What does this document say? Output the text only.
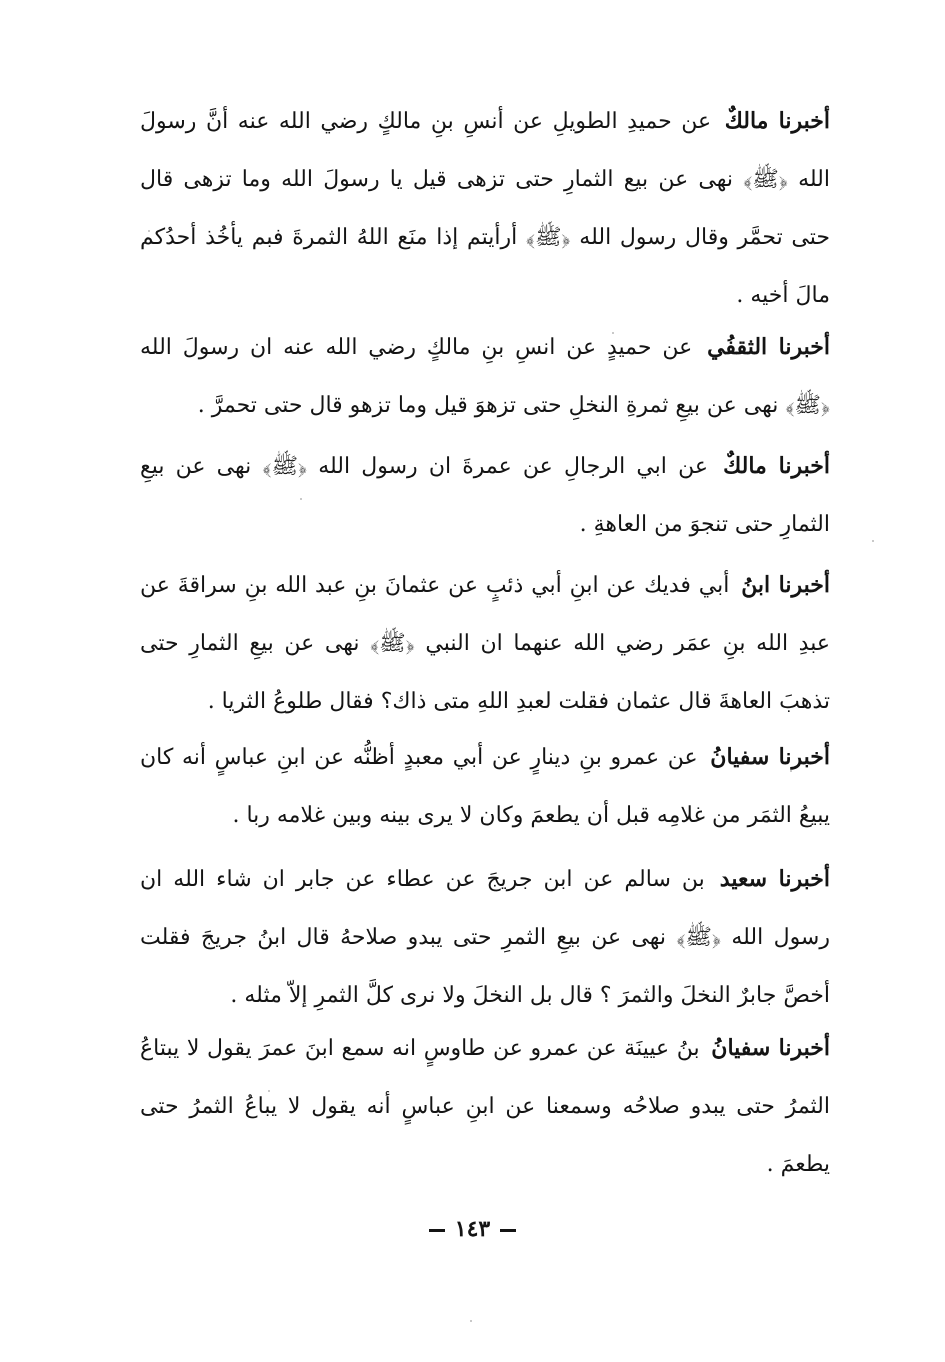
أخبرنا مالكٌ عن حميدِ الطويلِ عن أنسِ بنِ مالكٍ رضي الله عنه أنَّ رسولَ الله ﴿ﷺ﴾ نهى عن بيع الثمارِ حتى تزهى قيل يا رسولَ الله وما تزهى قال حتى تحمَّر وقال رسول الله ﴿ﷺ﴾ أرأيتم إذا منَع اللهُ الثمرةَ فبم يأخُذ أحدُكم مالَ أخيه .

أخبرنا الثقفُي عن حميدٍ عن انسِ بنِ مالكٍ رضي الله عنه ان رسولَ الله ﴿ﷺ﴾ نهى عن بيعِ ثمرةِ النخلِ حتى تزهوَ قيل وما تزهو قال حتى تحمرَّ .

أخبرنا مالكٌ عن ابي الرجالِ عن عمرةَ ان رسول الله ﴿ﷺ﴾ نهى عن بيعِ الثمارِ حتى تنجوَ من العاهةِ .

أخبرنا ابنُ أبي فديك عن ابنِ أبي ذئبٍ عن عثمانَ بنِ عبد الله بنِ سراقةَ عن عبدِ الله بنِ عمَر رضي الله عنهما ان النبي ﴿ﷺ﴾ نهى عن بيعِ الثمارِ حتى تذهبَ العاهةَ قال عثمان فقلت لعبدِ اللهِ متى ذاك؟ فقال طلوعُ الثريا .

أخبرنا سفيانُ عن عمرو بنِ دينارٍ عن أبي معبدٍ أظنُّه عن ابنِ عباسٍ أنه كان يبيعُ الثمَر من غلامِه قبل أن يطعمَ وكان لا يرى بينه وبين غلامه ربا .

أخبرنا سعيد بن سالم عن ابن جريجَ عن عطاء عن جابر ان شاء الله ان رسول الله ﴿ﷺ﴾ نهى عن بيعِ الثمرِ حتى يبدو صلاحهُ قال ابنُ جريجَ فقلت أخصَّ جابرٌ النخلَ والثمرَ ؟ قال بل النخلَ ولا نرى كلَّ الثمرِ إلاّ مثله .

أخبرنا سفيانُ بنُ عيينَة عن عمرو عن طاوسٍ انه سمع ابنَ عمرَ يقول لا يبتاعُ الثمرُ حتى يبدو صلاحُه وسمعنا عن ابنِ عباسٍ أنه يقول لا يباعُ الثمرُ حتى يطعمَ .

١٤٣
